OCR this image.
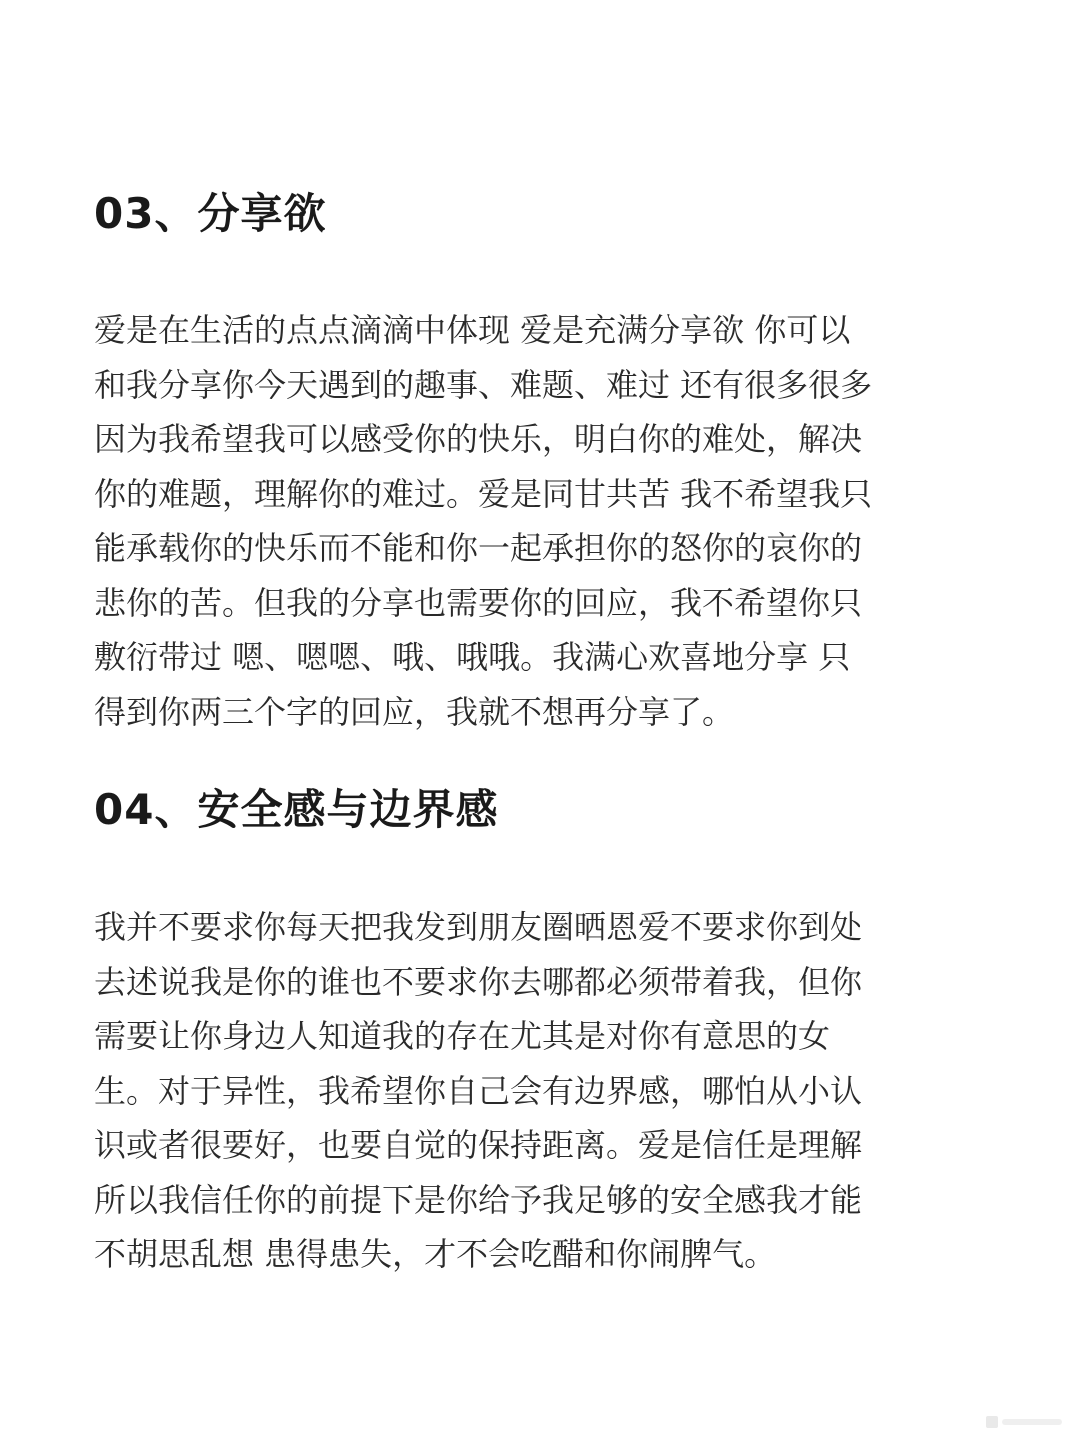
03、分享欲

爱是在生活的点点滴滴中体现 爱是充满分享欲 你可以
和我分享你今天遇到的趣事、难题、难过 还有很多很多
因为我希望我可以感受你的快乐，明白你的难处，解决
你的难题，理解你的难过。爱是同甘共苦 我不希望我只
能承载你的快乐而不能和你一起承担你的怒你的哀你的
悲你的苦。但我的分享也需要你的回应，我不希望你只
敷衍带过 嗯、嗯嗯、哦、哦哦。我满心欢喜地分享 只
得到你两三个字的回应，我就不想再分享了。

04、安全感与边界感

我并不要求你每天把我发到朋友圈晒恩爱不要求你到处
去述说我是你的谁也不要求你去哪都必须带着我，但你
需要让你身边人知道我的存在尤其是对你有意思的女
生。对于异性，我希望你自己会有边界感，哪怕从小认
识或者很要好，也要自觉的保持距离。爱是信任是理解
所以我信任你的前提下是你给予我足够的安全感我才能
不胡思乱想 患得患失，才不会吃醋和你闹脾气。
